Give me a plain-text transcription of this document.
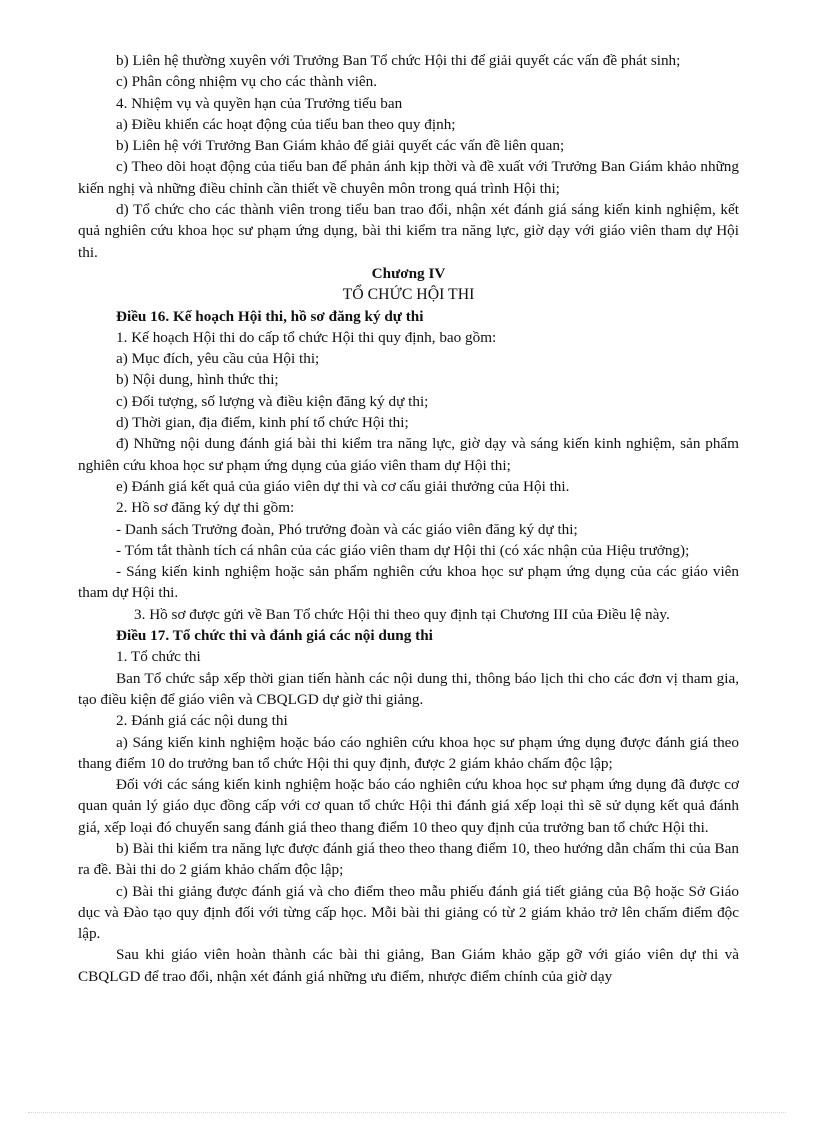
b) Liên hệ thường xuyên với Trưởng Ban Tổ chức Hội thi để giải quyết các vấn đề phát sinh;

c) Phân công nhiệm vụ cho các thành viên.

4. Nhiệm vụ và quyền hạn của Trưởng tiểu ban

a) Điều khiển các hoạt động của tiểu ban theo quy định;

b) Liên hệ với Trưởng Ban Giám khảo để giải quyết các vấn đề liên quan;

c) Theo dõi hoạt động của tiểu ban để phản ánh kịp thời và đề xuất với Trưởng Ban Giám khảo những kiến nghị và những điều chỉnh cần thiết về chuyên môn trong quá trình Hội thi;

d) Tổ chức cho các thành viên trong tiểu ban trao đổi, nhận xét đánh giá sáng kiến kinh nghiệm, kết quả nghiên cứu khoa học sư phạm ứng dụng, bài thi kiểm tra năng lực, giờ dạy với giáo viên tham dự Hội thi.

Chương IV

TỔ CHỨC HỘI THI

Điều 16. Kế hoạch Hội thi, hồ sơ đăng ký dự thi

1. Kế hoạch Hội thi do cấp tổ chức Hội thi quy định, bao gồm:

a) Mục đích, yêu cầu của Hội thi;

b) Nội dung, hình thức thi;

c) Đối tượng, số lượng và điều kiện đăng ký dự thi;

d) Thời gian, địa điểm, kinh phí tổ chức Hội thi;

đ) Những nội dung đánh giá bài thi kiểm tra năng lực, giờ dạy và sáng kiến kinh nghiệm, sản phẩm nghiên cứu khoa học sư phạm ứng dụng của giáo viên tham dự Hội thi;

e) Đánh giá kết quả của giáo viên dự thi và cơ cấu giải thưởng của Hội thi.

2. Hồ sơ đăng ký dự thi gồm:

- Danh sách Trưởng đoàn, Phó trưởng đoàn và các giáo viên đăng ký dự thi;

- Tóm tắt thành tích cá nhân của các giáo viên tham dự Hội thi (có xác nhận của Hiệu trưởng);

- Sáng kiến kinh nghiệm hoặc sản phẩm nghiên cứu khoa học sư phạm ứng dụng của các giáo viên tham dự Hội thi.

3. Hồ sơ được gửi về Ban Tổ chức Hội thi theo quy định tại Chương III của Điều lệ này.

Điều 17. Tổ chức thi và đánh giá các nội dung thi

1. Tổ chức thi

Ban Tổ chức sắp xếp thời gian tiến hành các nội dung thi, thông báo lịch thi cho các đơn vị tham gia, tạo điều kiện để giáo viên và CBQLGD dự giờ thi giảng.

2. Đánh giá các nội dung thi

a) Sáng kiến kinh nghiệm hoặc báo cáo nghiên cứu khoa học sư phạm ứng dụng được đánh giá theo thang điểm 10 do trưởng ban tổ chức Hội thi quy định, được 2 giám khảo chấm độc lập;

Đối với các sáng kiến kinh nghiệm hoặc báo cáo nghiên cứu khoa học sư phạm ứng dụng đã được cơ quan quản lý giáo dục đồng cấp với cơ quan tổ chức Hội thi đánh giá xếp loại thì sẽ sử dụng kết quả đánh giá, xếp loại đó chuyển sang đánh giá theo thang điểm 10 theo quy định của trưởng ban tổ chức Hội thi.

b) Bài thi kiểm tra năng lực được đánh giá theo theo thang điểm 10, theo hướng dẫn chấm thi của Ban ra đề. Bài thi do 2 giám khảo chấm độc lập;

c) Bài thi giảng được đánh giá và cho điểm theo mẫu phiếu đánh giá tiết giảng của Bộ hoặc Sở Giáo dục và Đào tạo quy định đối với từng cấp học. Mỗi bài thi giảng có từ 2 giám khảo trở lên chấm điểm độc lập.

Sau khi giáo viên hoàn thành các bài thi giảng, Ban Giám khảo gặp gỡ với giáo viên dự thi và CBQLGD để trao đổi, nhận xét đánh giá những ưu điểm, nhược điểm chính của giờ dạy
